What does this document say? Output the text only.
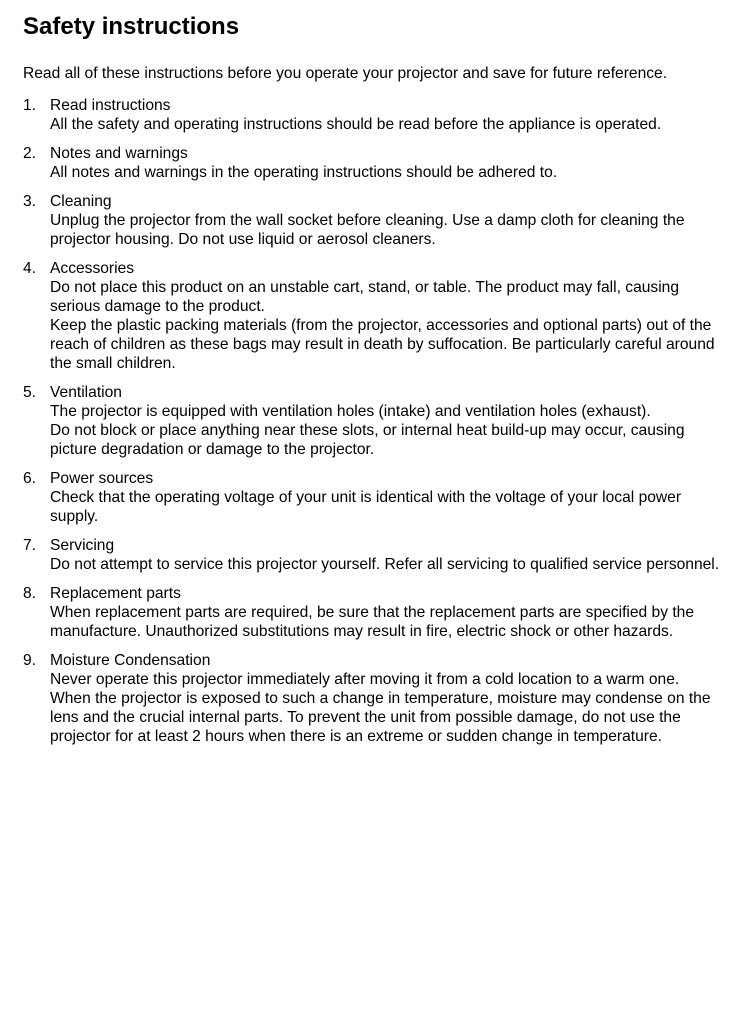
Safety instructions

Read all of these instructions before you operate your projector and save for future reference.

1. Read instructions
All the safety and operating instructions should be read before the appliance is operated.
2. Notes and warnings
All notes and warnings in the operating instructions should be adhered to.
3. Cleaning
Unplug the projector from the wall socket before cleaning. Use a damp cloth for cleaning the projector housing. Do not use liquid or aerosol cleaners.
4. Accessories
Do not place this product on an unstable cart, stand, or table. The product may fall, causing serious damage to the product.
Keep the plastic packing materials (from the projector, accessories and optional parts) out of the reach of children as these bags may result in death by suffocation. Be particularly careful around the small children.
5. Ventilation
The projector is equipped with ventilation holes (intake) and ventilation holes (exhaust).
Do not block or place anything near these slots, or internal heat build-up may occur, causing picture degradation or damage to the projector.
6. Power sources
Check that the operating voltage of your unit is identical with the voltage of your local power supply.
7. Servicing
Do not attempt to service this projector yourself. Refer all servicing to qualified service personnel.
8. Replacement parts
When replacement parts are required, be sure that the replacement parts are specified by the manufacture. Unauthorized substitutions may result in fire, electric shock or other hazards.
9. Moisture Condensation
Never operate this projector immediately after moving it from a cold location to a warm one. When the projector is exposed to such a change in temperature, moisture may condense on the lens and the crucial internal parts. To prevent the unit from possible damage, do not use the projector for at least 2 hours when there is an extreme or sudden change in temperature.
